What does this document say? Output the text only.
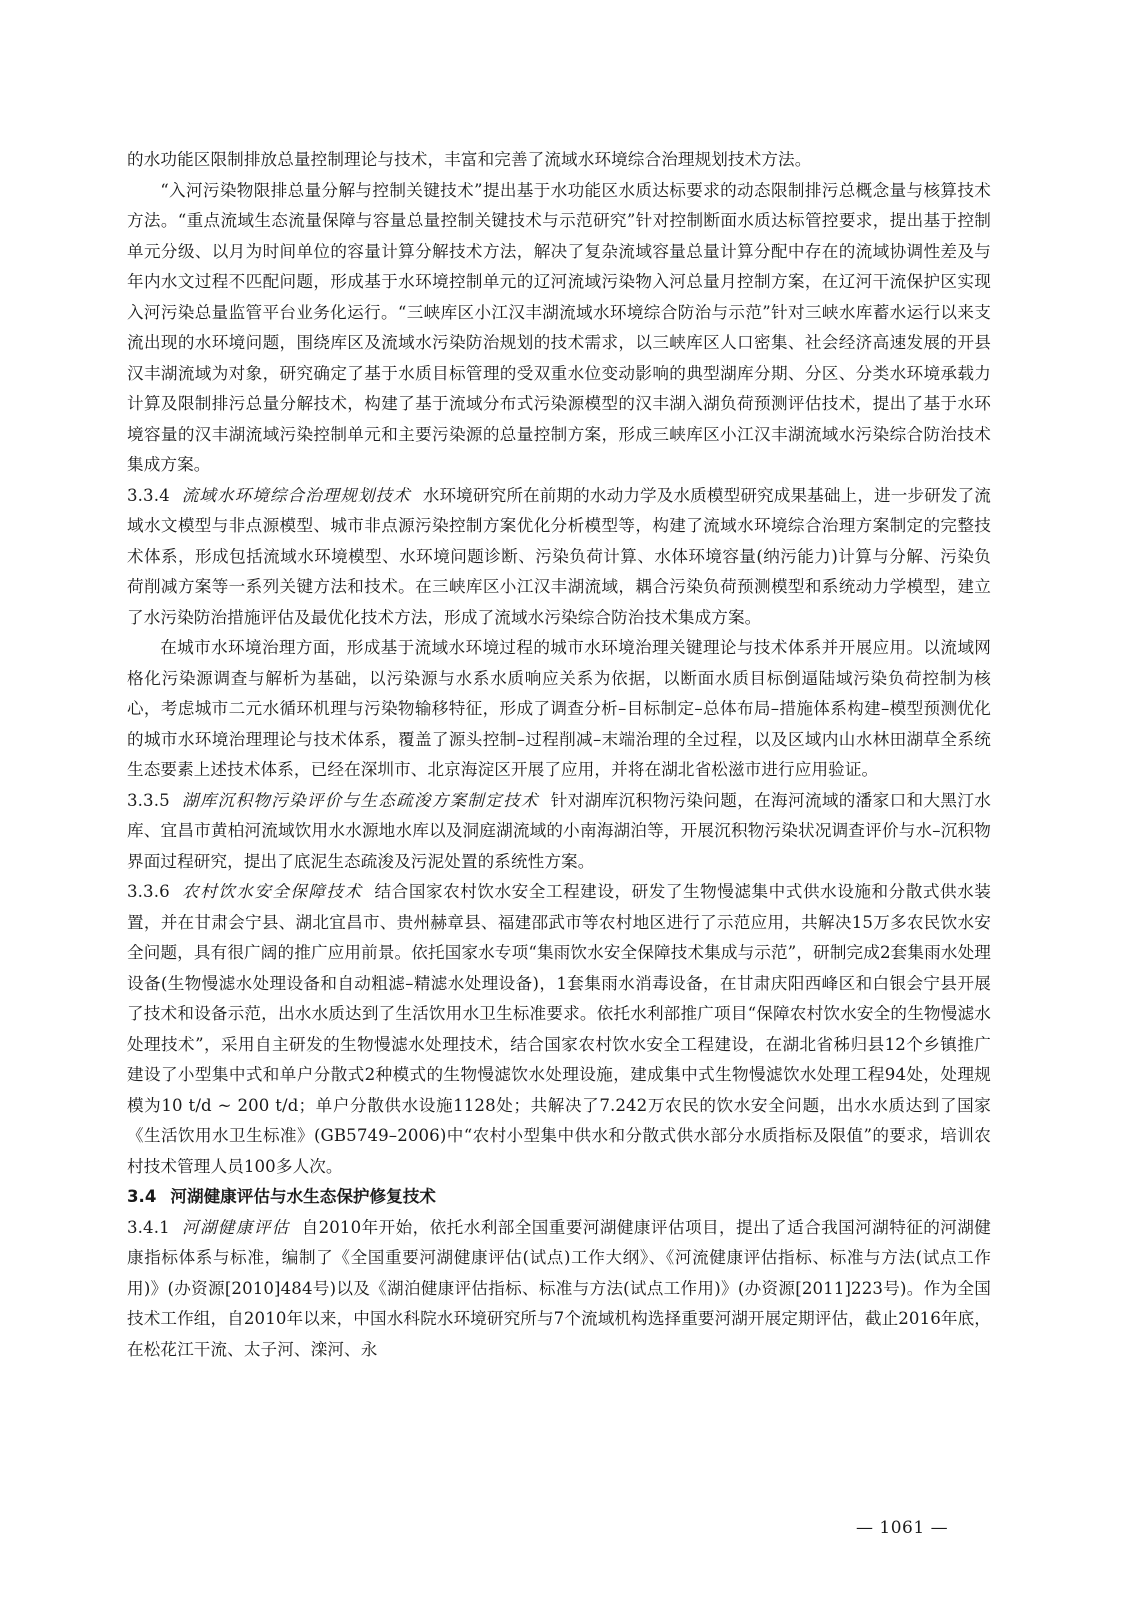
的水功能区限制排放总量控制理论与技术，丰富和完善了流域水环境综合治理规划技术方法。

“入河污染物限排总量分解与控制关键技术”提出基于水功能区水质达标要求的动态限制排污总概念量与核算技术方法。“重点流域生态流量保障与容量总量控制关键技术与示范研究”针对控制断面水质达标管控要求，提出基于控制单元分级、以月为时间单位的容量计算分解技术方法，解决了复杂流域容量总量计算分配中存在的流域协调性差及与年内水文过程不匹配问题，形成基于水环境控制单元的辽河流域污染物入河总量月控制方案，在辽河干流保护区实现入河污染总量监管平台业务化运行。“三峡库区小江汉丰湖流域水环境综合防治与示范”针对三峡水库蓄水运行以来支流出现的水环境问题，围绕库区及流域水污染防治规划的技术需求，以三峡库区人口密集、社会经济高速发展的开县汉丰湖流域为对象，研究确定了基于水质目标管理的受双重水位变动影响的典型湖库分期、分区、分类水环境承载力计算及限制排污总量分解技术，构建了基于流域分布式污染源模型的汉丰湖入湖负荷预测评估技术，提出了基于水环境容量的汉丰湖流域污染控制单元和主要污染源的总量控制方案，形成三峡库区小江汉丰湖流域水污染综合防治技术集成方案。

3.3.4 流域水环境综合治理规划技术 水环境研究所在前期的水动力学及水质模型研究成果基础上，进一步研发了流域水文模型与非点源模型、城市非点源污染控制方案优化分析模型等，构建了流域水环境综合治理方案制定的完整技术体系，形成包括流域水环境模型、水环境问题诊断、污染负荷计算、水体环境容量(纳污能力)计算与分解、污染负荷削减方案等一系列关键方法和技术。在三峡库区小江汉丰湖流域，耦合污染负荷预测模型和系统动力学模型，建立了水污染防治措施评估及最优化技术方法，形成了流域水污染综合防治技术集成方案。

在城市水环境治理方面，形成基于流域水环境过程的城市水环境治理关键理论与技术体系并开展应用。以流域网格化污染源调查与解析为基础，以污染源与水系水质响应关系为依据，以断面水质目标倒逼陆域污染负荷控制为核心，考虑城市二元水循环机理与污染物输移特征，形成了调查分析–目标制定–总体布局–措施体系构建–模型预测优化的城市水环境治理理论与技术体系，覆盖了源头控制–过程削减–末端治理的全过程，以及区域内山水林田湖草全系统生态要素上述技术体系，已经在深圳市、北京海淀区开展了应用，并将在湖北省松滋市进行应用验证。

3.3.5 湖库沉积物污染评价与生态疏浚方案制定技术 针对湖库沉积物污染问题，在海河流域的潘家口和大黑汀水库、宜昌市黄柏河流域饮用水水源地水库以及洞庭湖流域的小南海湖泊等，开展沉积物污染状况调查评价与水–沉积物界面过程研究，提出了底泥生态疏浚及污泥处置的系统性方案。

3.3.6 农村饮水安全保障技术 结合国家农村饮水安全工程建设，研发了生物慢滤集中式供水设施和分散式供水装置，并在甘肃会宁县、湖北宜昌市、贵州赫章县、福建邵武市等农村地区进行了示范应用，共解决15万多农民饮水安全问题，具有很广阔的推广应用前景。依托国家水专项“集雨饮水安全保障技术集成与示范”，研制完成2套集雨水处理设备(生物慢滤水处理设备和自动粗滤–精滤水处理设备)，1套集雨水消毒设备，在甘肃庆阳西峰区和白银会宁县开展了技术和设备示范，出水水质达到了生活饮用水卫生标准要求。依托水利部推广项目“保障农村饮水安全的生物慢滤水处理技术”，采用自主研发的生物慢滤水处理技术，结合国家农村饮水安全工程建设，在湖北省秭归县12个乡镇推广建设了小型集中式和单户分散式2种模式的生物慢滤饮水处理设施，建成集中式生物慢滤饮水处理工程94处，处理规模为10 t/d ~ 200 t/d；单户分散供水设施1128处；共解决了7.242万农民的饮水安全问题，出水水质达到了国家《生活饮用水卫生标准》(GB5749–2006)中“农村小型集中供水和分散式供水部分水质指标及限值”的要求，培训农村技术管理人员100多人次。

3.4 河湖健康评估与水生态保护修复技术

3.4.1 河湖健康评估 自2010年开始，依托水利部全国重要河湖健康评估项目，提出了适合我国河湖特征的河湖健康指标体系与标准，编制了《全国重要河湖健康评估(试点)工作大纲》、《河流健康评估指标、标准与方法(试点工作用)》(办资源[2010]484号)以及《湖泊健康评估指标、标准与方法(试点工作用)》(办资源[2011]223号)。作为全国技术工作组，自2010年以来，中国水科院水环境研究所与7个流域机构选择重要河湖开展定期评估，截止2016年底，在松花江干流、太子河、滦河、永

— 1061 —
